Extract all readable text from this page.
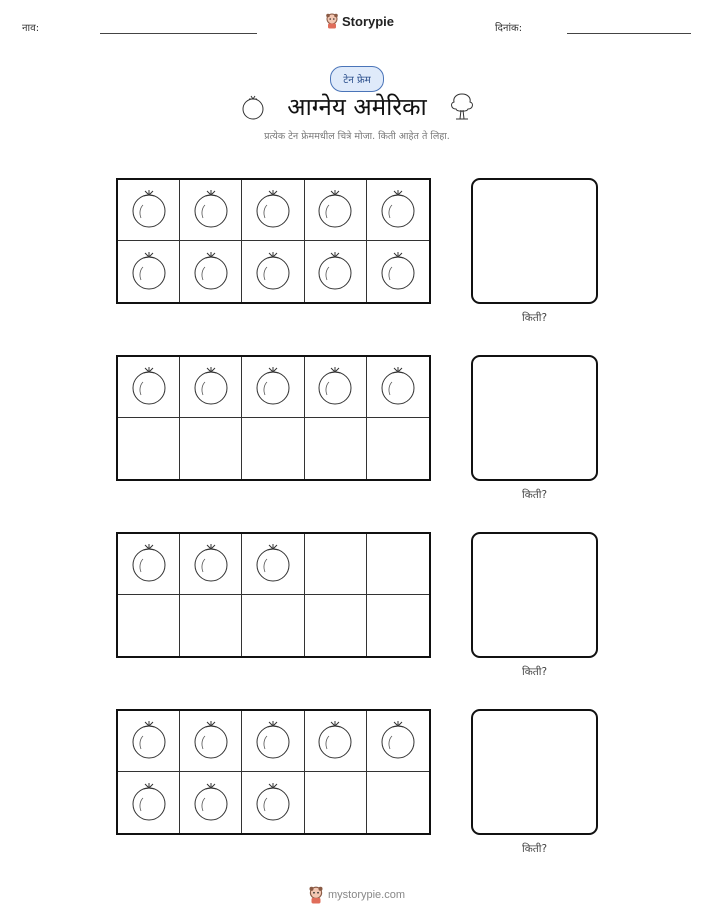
नाव:	Storypie	दिनांक:
टेन फ्रेम
आग्नेय अमेरिका
प्रत्येक टेन फ्रेममधील चित्रे मोजा. किती आहेत ते लिहा.
किती?
किती?
किती?
किती?
mystorypie.com
